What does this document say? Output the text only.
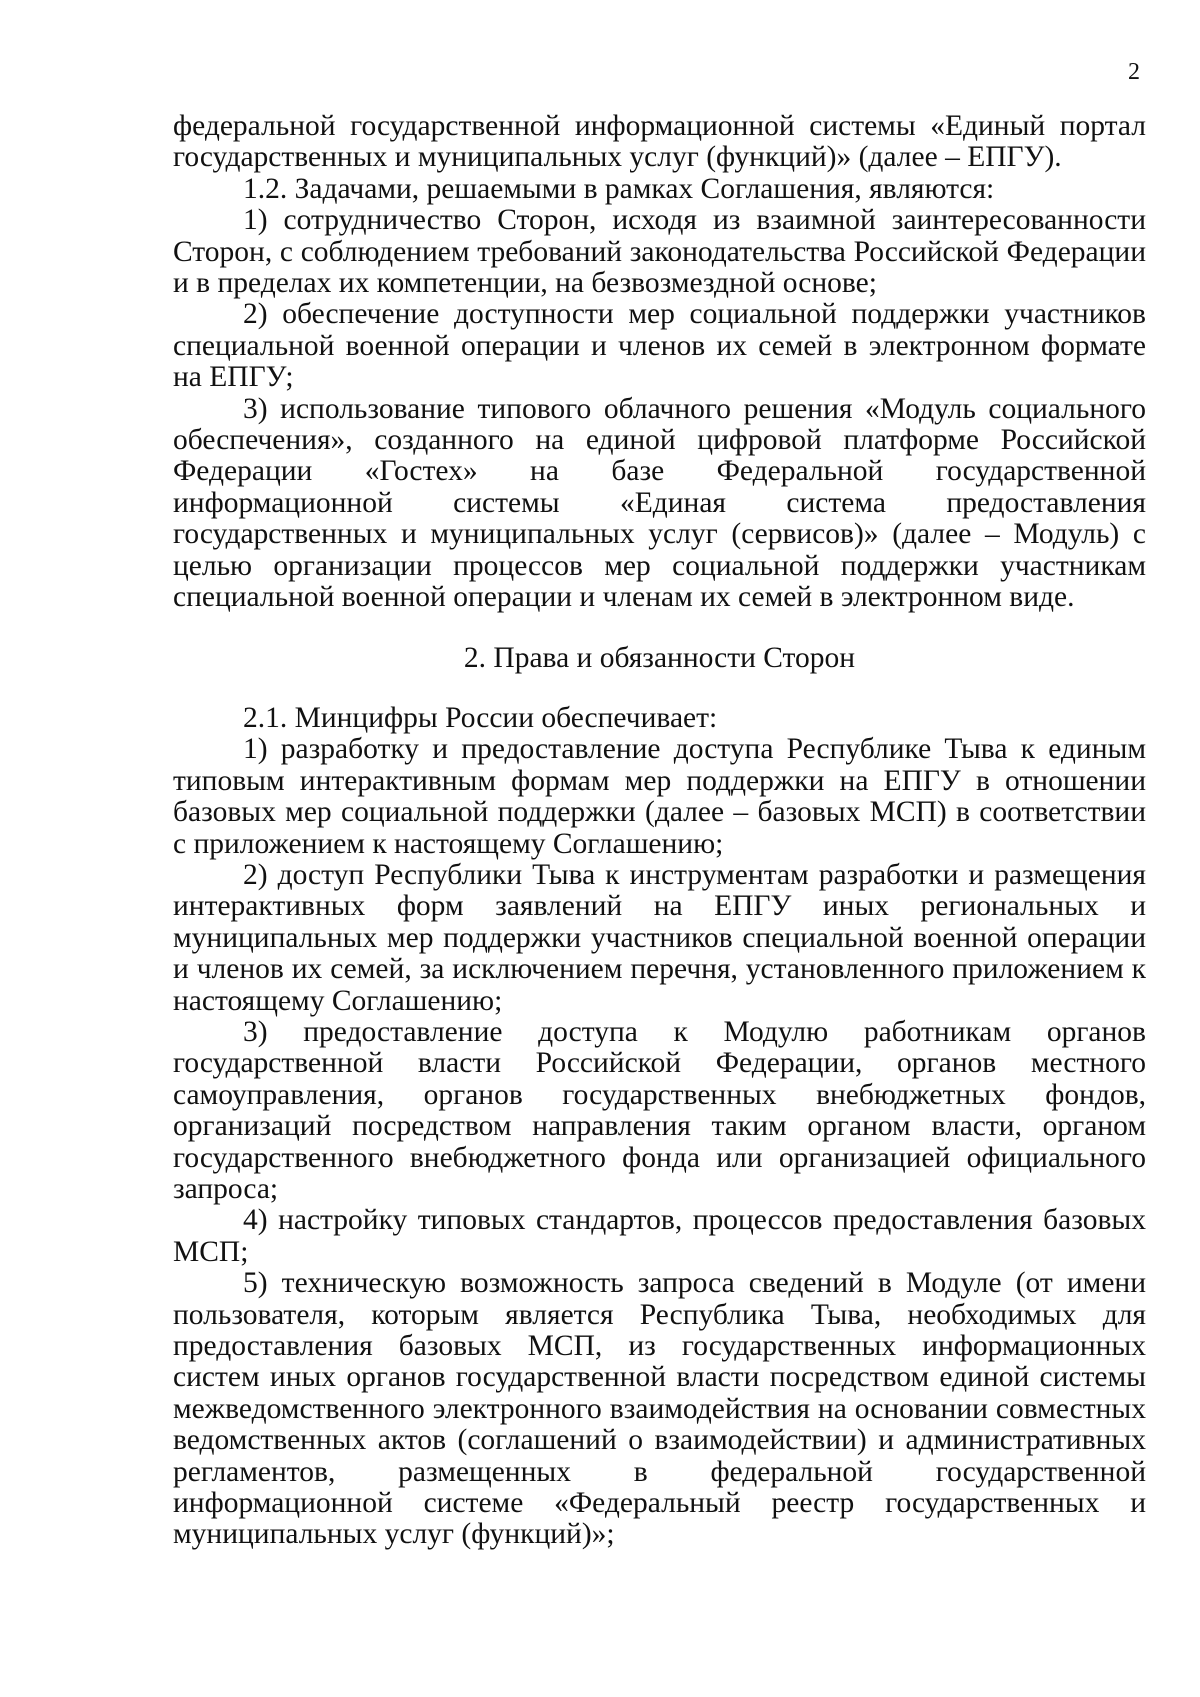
2

федеральной государственной информационной системы «Единый портал государственных и муниципальных услуг (функций)» (далее – ЕПГУ).

1.2. Задачами, решаемыми в рамках Соглашения, являются:

1) сотрудничество Сторон, исходя из взаимной заинтересованности Сторон, с соблюдением требований законодательства Российской Федерации и в пределах их компетенции, на безвозмездной основе;

2) обеспечение доступности мер социальной поддержки участников специальной военной операции и членов их семей в электронном формате на ЕПГУ;

3) использование типового облачного решения «Модуль социального обеспечения», созданного на единой цифровой платформе Российской Федерации «Гостех» на базе Федеральной государственной информационной системы «Единая система предоставления государственных и муниципальных услуг (сервисов)» (далее – Модуль) с целью организации процессов мер социальной поддержки участникам специальной военной операции и членам их семей в электронном виде.

2. Права и обязанности Сторон

2.1. Минцифры России обеспечивает:

1) разработку и предоставление доступа Республике Тыва к единым типовым интерактивным формам мер поддержки на ЕПГУ в отношении базовых мер социальной поддержки (далее – базовых МСП) в соответствии с приложением к настоящему Соглашению;

2) доступ Республики Тыва к инструментам разработки и размещения интерактивных форм заявлений на ЕПГУ иных региональных и муниципальных мер поддержки участников специальной военной операции и членов их семей, за исключением перечня, установленного приложением к настоящему Соглашению;

3) предоставление доступа к Модулю работникам органов государственной власти Российской Федерации, органов местного самоуправления, органов государственных внебюджетных фондов, организаций посредством направления таким органом власти, органом государственного внебюджетного фонда или организацией официального запроса;

4) настройку типовых стандартов, процессов предоставления базовых МСП;

5) техническую возможность запроса сведений в Модуле (от имени пользователя, которым является Республика Тыва, необходимых для предоставления базовых МСП, из государственных информационных систем иных органов государственной власти посредством единой системы межведомственного электронного взаимодействия на основании совместных ведомственных актов (соглашений о взаимодействии) и административных регламентов, размещенных в федеральной государственной информационной системе «Федеральный реестр государственных и муниципальных услуг (функций)»;
